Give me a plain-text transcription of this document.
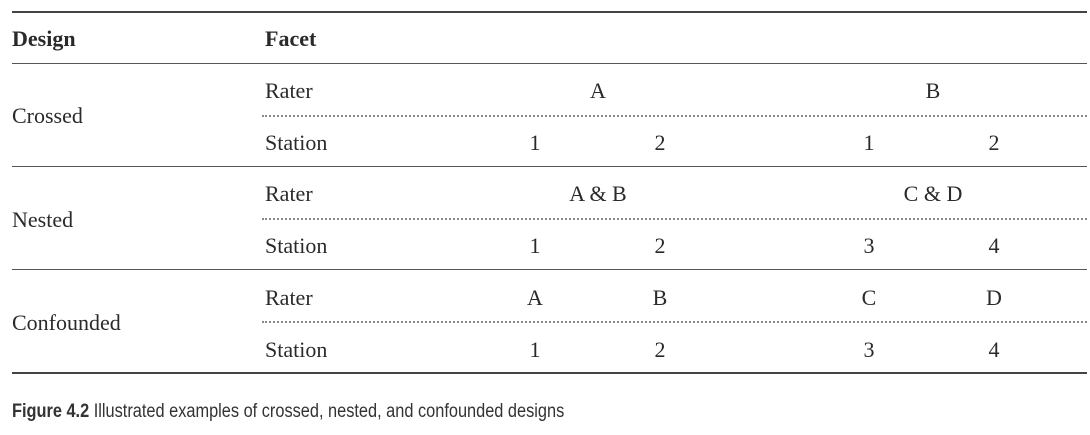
Design	Facet
Crossed
Rater	A	B
Station	1	2	1	2
Nested
Rater	A & B	C & D
Station	1	2	3	4
Confounded
Rater	A	B	C	D
Station	1	2	3	4
Figure 4.2 Illustrated examples of crossed, nested, and confounded designs
